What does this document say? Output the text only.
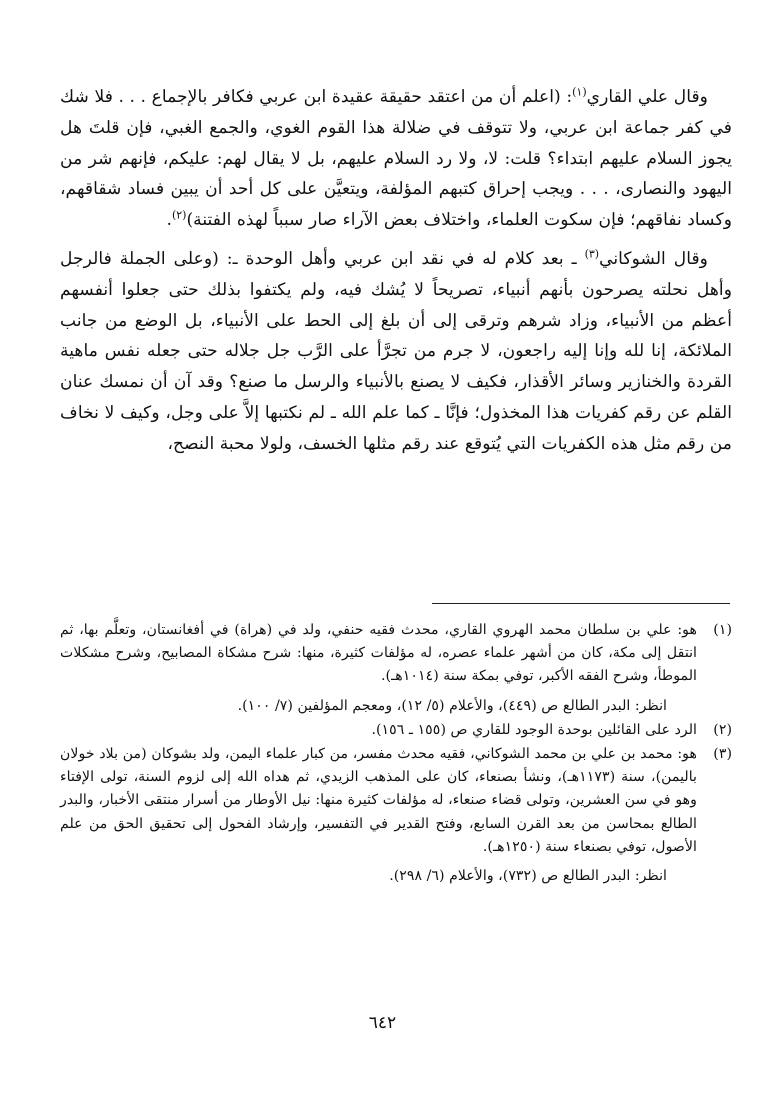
وقال علي القاري$^{(١)}$: (اعلم أن من اعتقد حقيقة عقيدة ابن عربي فكافر بالإجماع . . . فلا شك في كفر جماعة ابن عربي، ولا تتوقف في ضلالة هذا القوم الغوي، والجمع الغبي، فإن قلتَ هل يجوز السلام عليهم ابتداء؟ قلت: لا، ولا رد السلام عليهم، بل لا يقال لهم: عليكم، فإنهم شر من اليهود والنصارى، . . . ويجب إحراق كتبهم المؤلفة، ويتعيَّن على كل أحد أن يبين فساد شقاقهم، وكساد نفاقهم؛ فإن سكوت العلماء، واختلاف بعض الآراء صار سبباً لهذه الفتنة)$^{(٢)}$.

وقال الشوكاني$^{(٣)}$ ـ بعد كلام له في نقد ابن عربي وأهل الوحدة ـ: (وعلى الجملة فالرجل وأهل نحلته يصرحون بأنهم أنبياء، تصريحاً لا يُشك فيه، ولم يكتفوا بذلك حتى جعلوا أنفسهم أعظم من الأنبياء، وزاد شرهم وترقى إلى أن بلغ إلى الحط على الأنبياء، بل الوضع من جانب الملائكة، إنا لله وإنا إليه راجعون، لا جرم من تجرَّأ على الرَّب جل جلاله حتى جعله نفس ماهية القردة والخنازير وسائر الأقذار، فكيف لا يصنع بالأنبياء والرسل ما صنع؟ وقد آن أن نمسك عنان القلم عن رقم كفريات هذا المخذول؛ فإنَّا ـ كما علم الله ـ لم نكتبها إلاَّ على وجل، وكيف لا نخاف من رقم مثل هذه الكفريات التي يُتوقع عند رقم مثلها الخسف، ولولا محبة النصح،

(١)

هو: علي بن سلطان محمد الهروي القاري، محدث فقيه حنفي، ولد في (هراة) في أفغانستان، وتعلَّم بها، ثم انتقل إلى مكة، كان من أشهر علماء عصره، له مؤلفات كثيرة، منها: شرح مشكاة المصابيح، وشرح مشكلات الموطأ، وشرح الفقه الأكبر، توفي بمكة سنة (١٠١٤هـ).

انظر: البدر الطالع ص (٤٤٩)، والأعلام (٥/ ١٢)، ومعجم المؤلفين (٧/ ١٠٠).

(٢)

الرد على القائلين بوحدة الوجود للقاري ص (١٥٥ ـ ١٥٦).

(٣)

هو: محمد بن علي بن محمد الشوكاني، فقيه محدث مفسر، من كبار علماء اليمن، ولد بشوكان (من بلاد خولان باليمن)، سنة (١١٧٣هـ)، ونشأ بصنعاء، كان على المذهب الزيدي، ثم هداه الله إلى لزوم السنة، تولى الإفتاء وهو في سن العشرين، وتولى قضاء صنعاء، له مؤلفات كثيرة منها: نيل الأوطار من أسرار منتقى الأخبار، والبدر الطالع بمحاسن من بعد القرن السابع، وفتح القدير في التفسير، وإرشاد الفحول إلى تحقيق الحق من علم الأصول، توفي بصنعاء سنة (١٢٥٠هـ).

انظر: البدر الطالع ص (٧٣٢)، والأعلام (٦/ ٢٩٨).

٦٤٢
